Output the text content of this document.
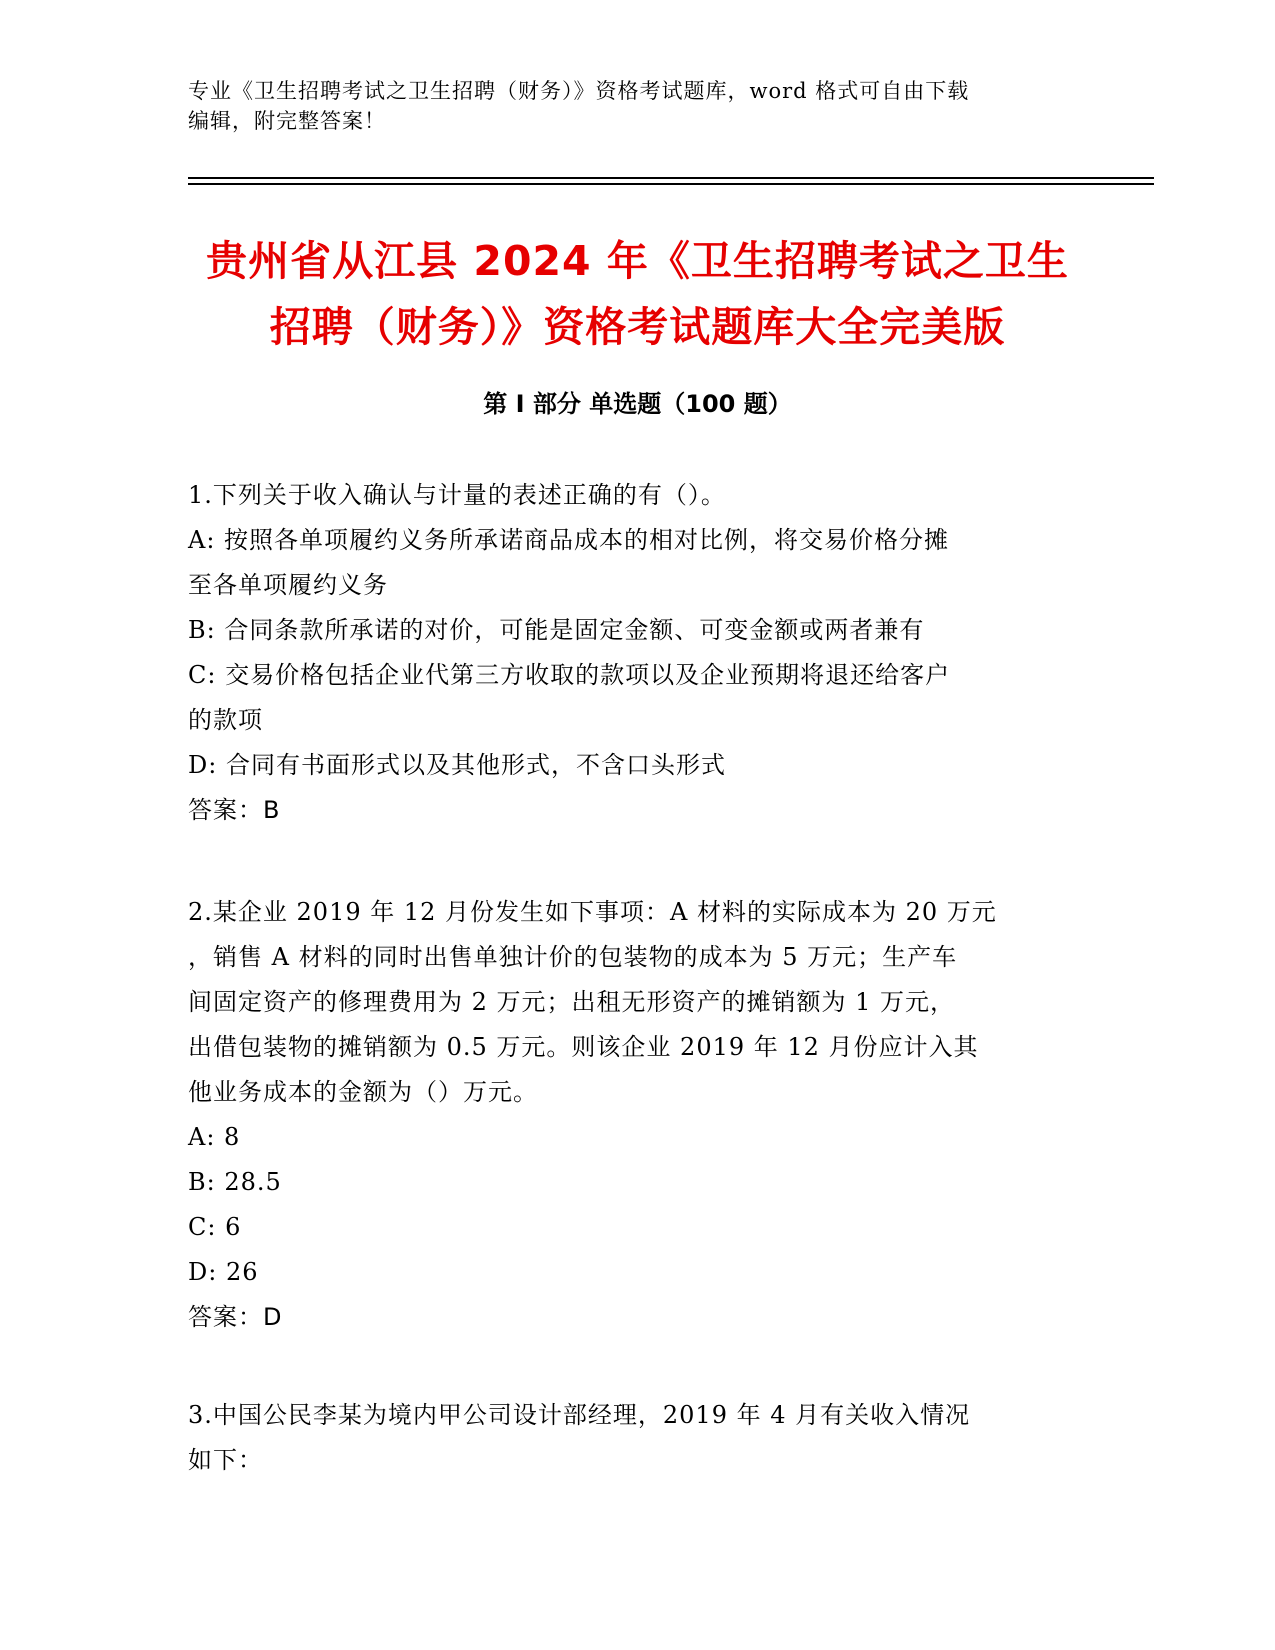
专业《卫生招聘考试之卫生招聘（财务）》资格考试题库，word 格式可自由下载
编辑，附完整答案！
贵州省从江县 2024 年《卫生招聘考试之卫生
招聘（财务）》资格考试题库大全完美版
第 I 部分 单选题（100 题）
1.下列关于收入确认与计量的表述正确的有（）。
A: 按照各单项履约义务所承诺商品成本的相对比例，将交易价格分摊
至各单项履约义务
B: 合同条款所承诺的对价，可能是固定金额、可变金额或两者兼有
C: 交易价格包括企业代第三方收取的款项以及企业预期将退还给客户
的款项
D: 合同有书面形式以及其他形式，不含口头形式
答案：B
2.某企业 2019 年 12 月份发生如下事项：A 材料的实际成本为 20 万元
，销售 A 材料的同时出售单独计价的包装物的成本为 5 万元；生产车
间固定资产的修理费用为 2 万元；出租无形资产的摊销额为 1 万元，
出借包装物的摊销额为 0.5 万元。则该企业 2019 年 12 月份应计入其
他业务成本的金额为（）万元。
A: 8
B: 28.5
C: 6
D: 26
答案：D
3.中国公民李某为境内甲公司设计部经理，2019 年 4 月有关收入情况
如下：
